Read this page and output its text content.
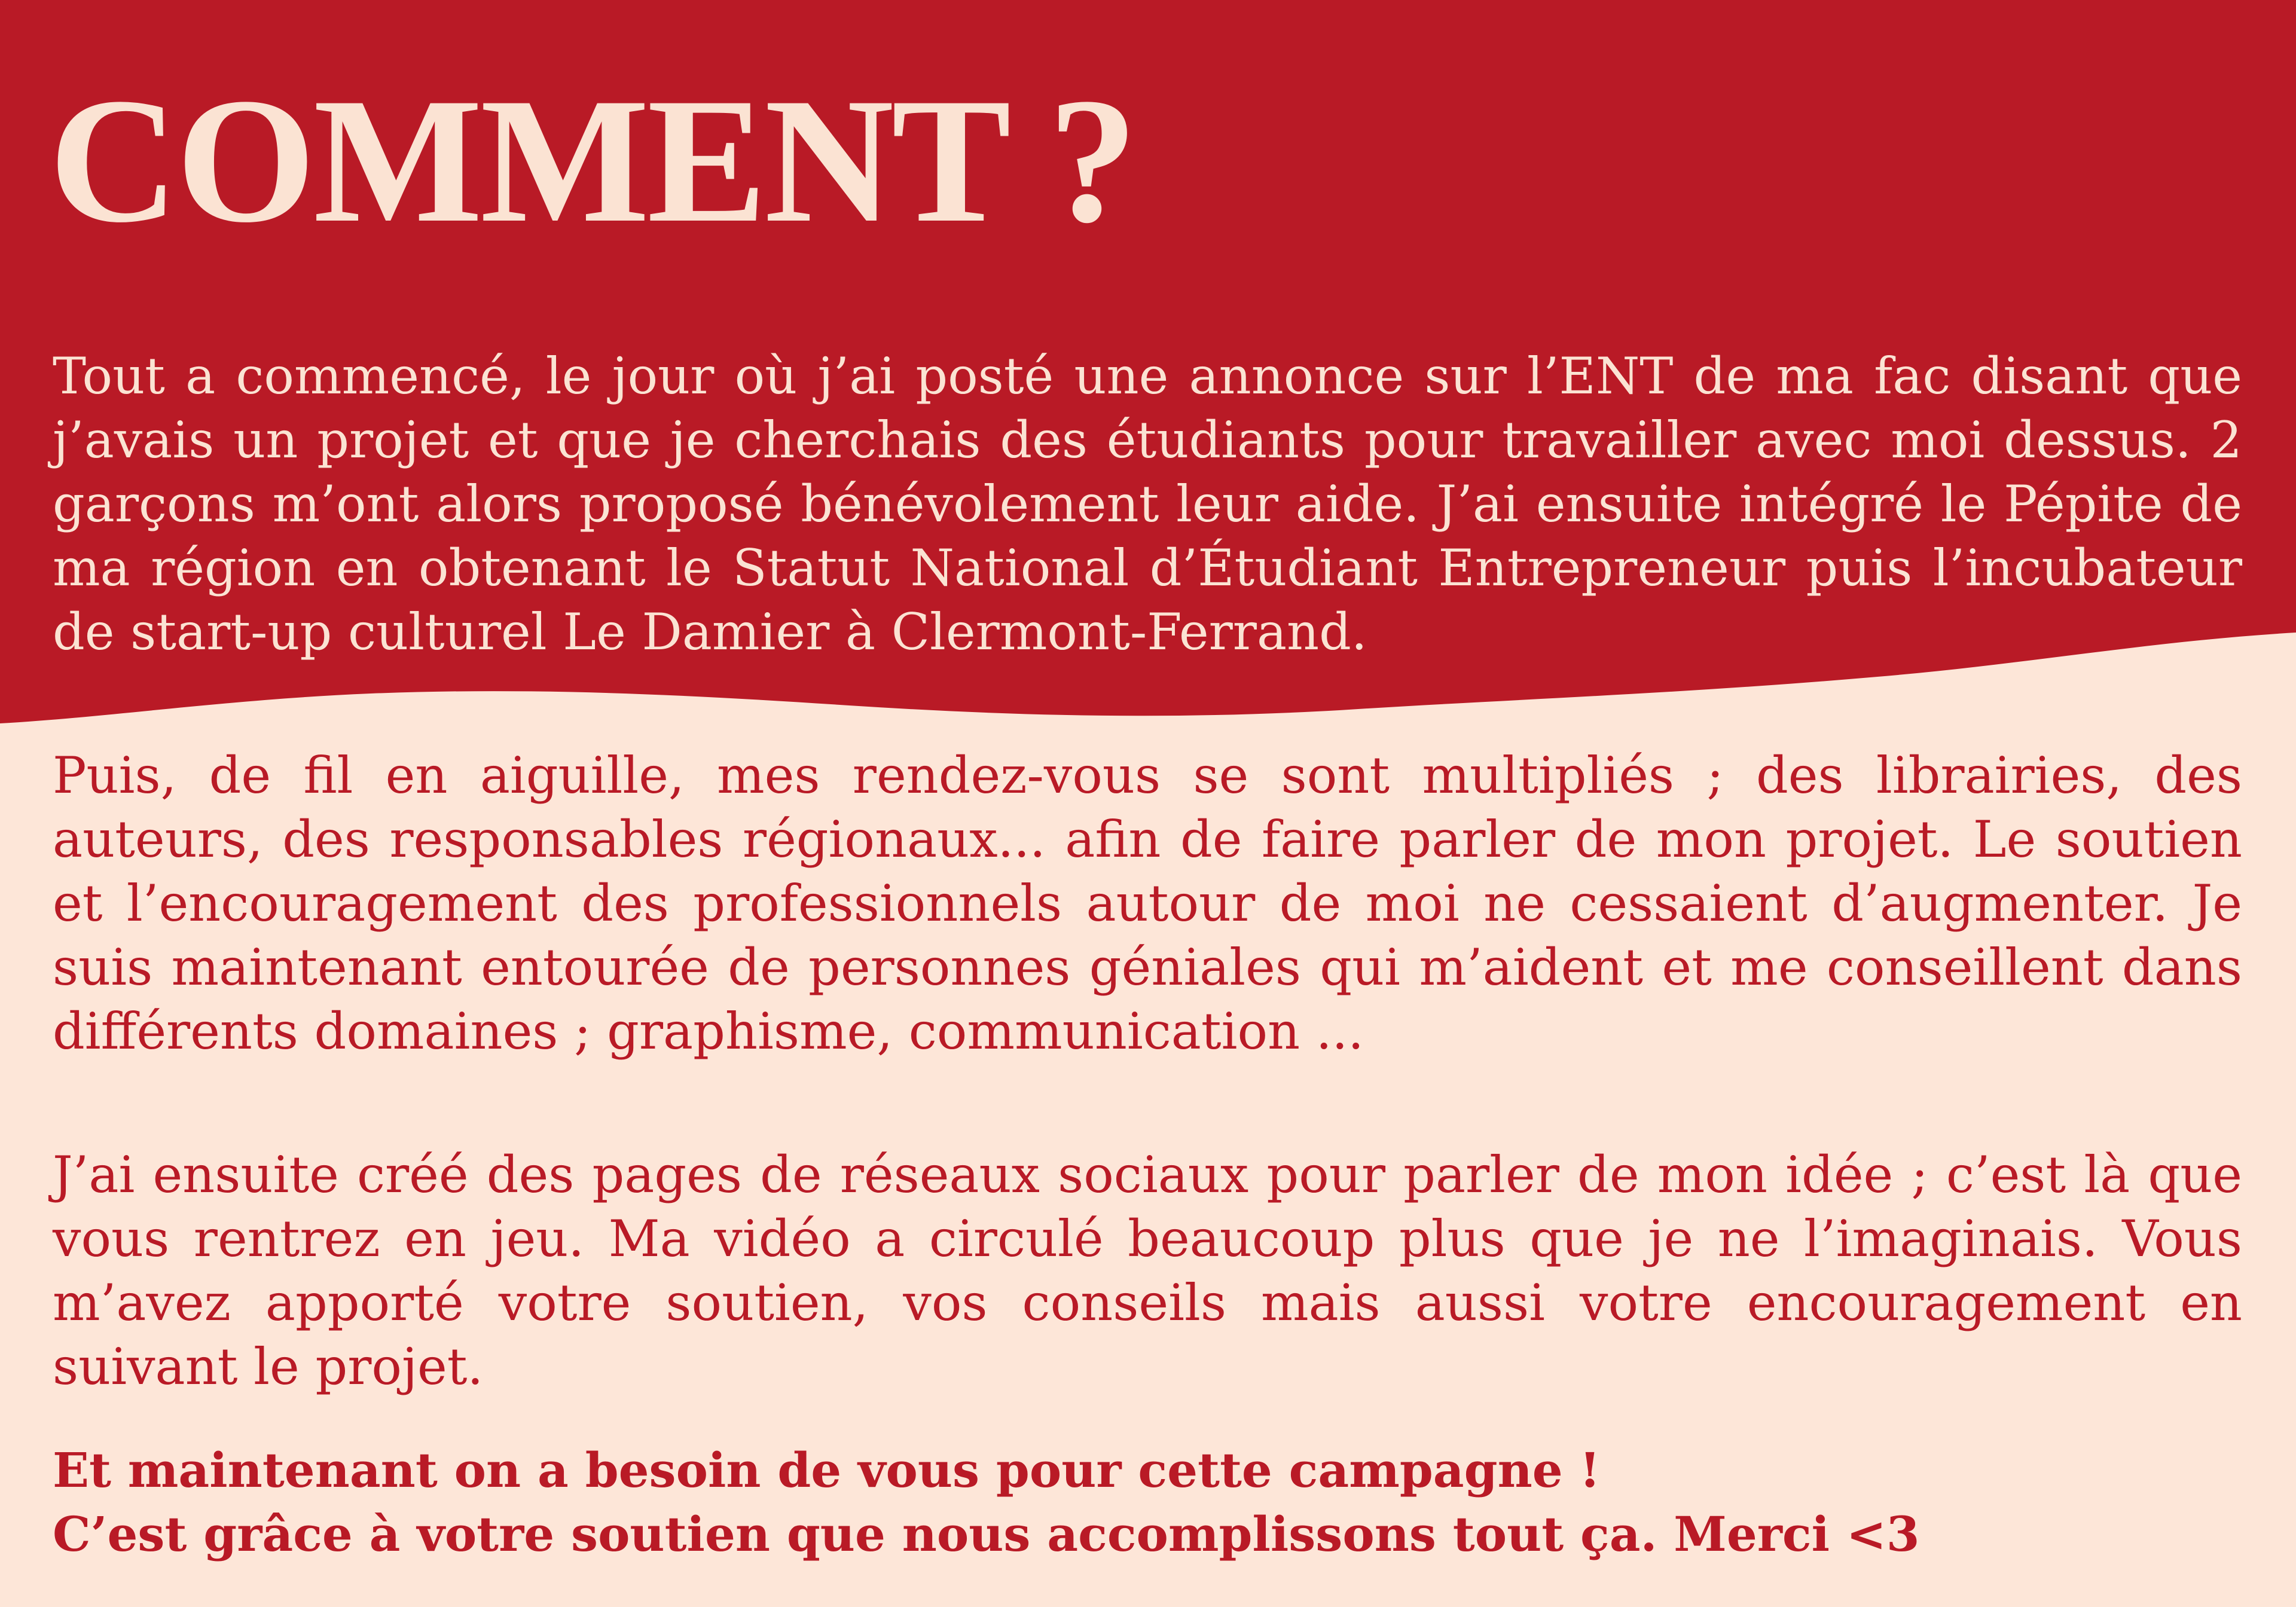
COMMENT ?

Tout a commencé, le jour où j’ai posté une annonce sur l’ENT de ma fac disant que j’avais un projet et que je cherchais des étudiants pour travailler avec moi dessus. 2 garçons m’ont alors proposé bénévolement leur aide. J’ai ensuite intégré le Pépite de ma région en obtenant le Statut National d’Étudiant Entrepreneur puis l’incubateur de start-up culturel Le Damier à Clermont-Ferrand.

Puis, de fil en aiguille, mes rendez-vous se sont multipliés ; des librairies, des auteurs, des responsables régionaux... afin de faire parler de mon projet. Le soutien et l’encouragement des professionnels autour de moi ne cessaient d’augmenter. Je suis maintenant entourée de personnes géniales qui m’aident et me conseillent dans différents domaines ; graphisme, communication ...

J’ai ensuite créé des pages de réseaux sociaux pour parler de mon idée ; c’est là que vous rentrez en jeu. Ma vidéo a circulé beaucoup plus que je ne l’imaginais. Vous m’avez apporté votre soutien, vos conseils mais aussi votre encouragement en suivant le projet.

Et maintenant on a besoin de vous pour cette campagne !
C’est grâce à votre soutien que nous accomplissons tout ça. Merci <3
